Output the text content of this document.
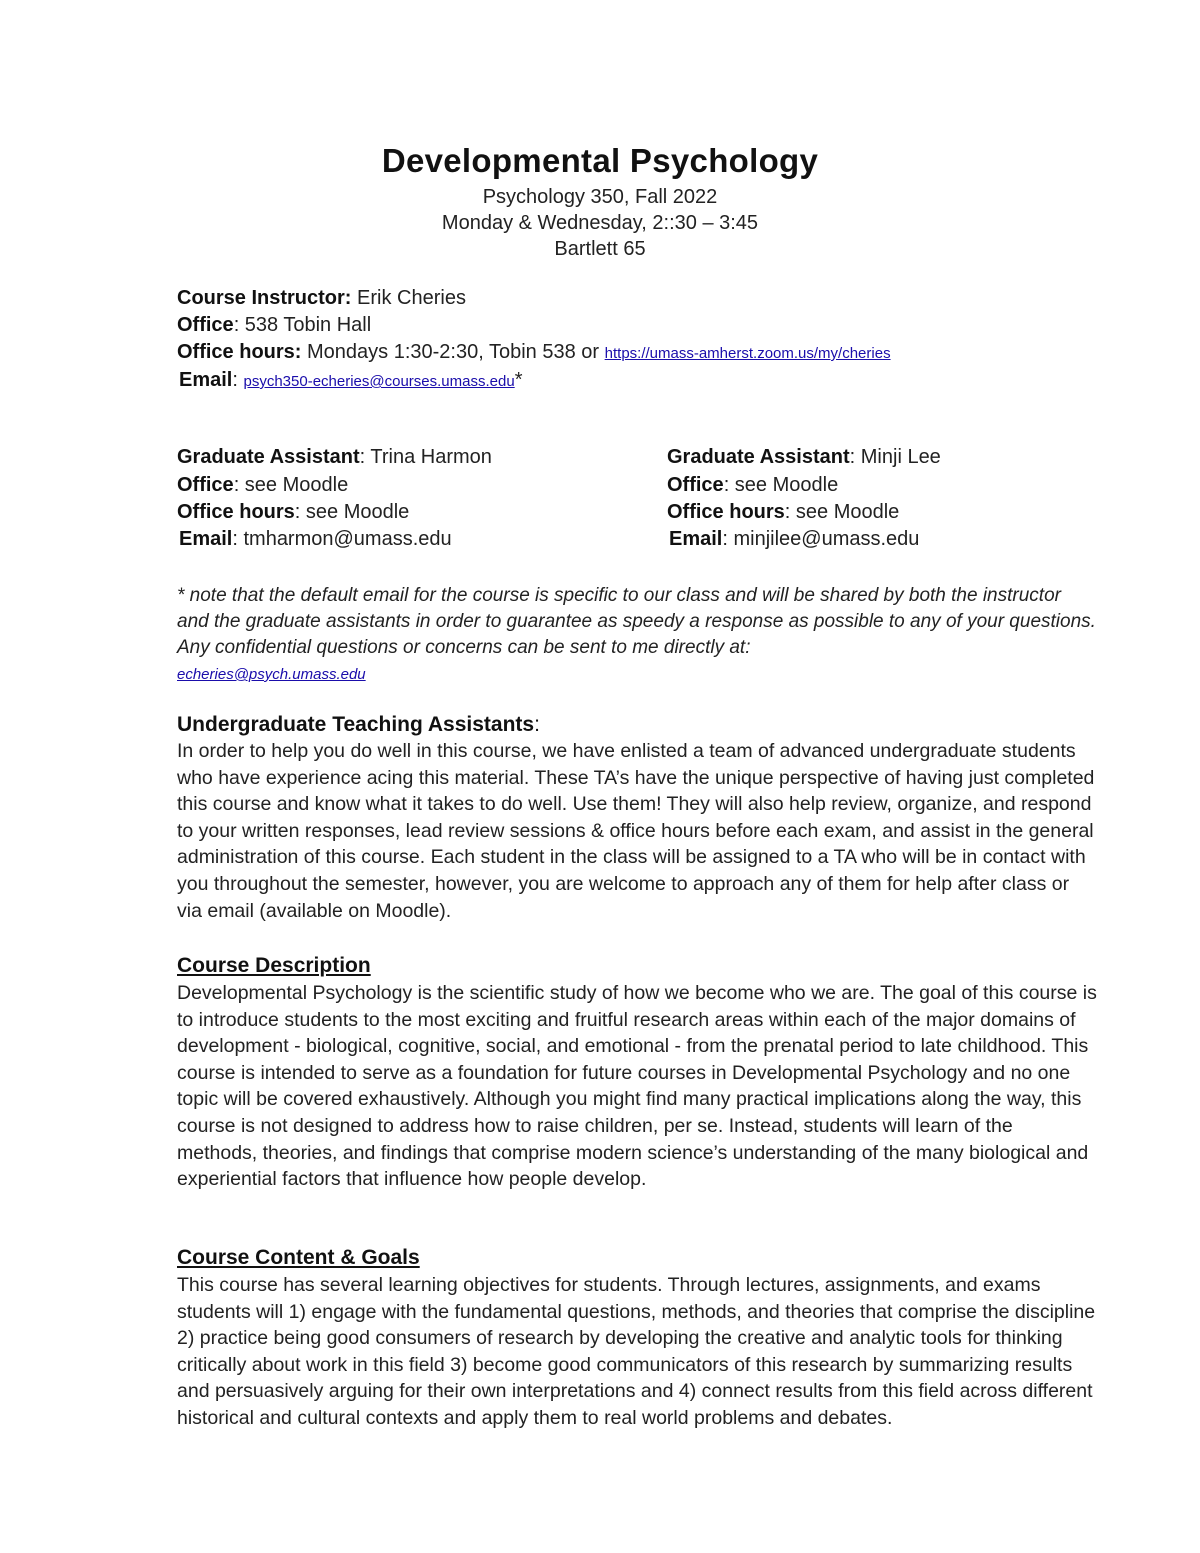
Developmental Psychology
Psychology 350, Fall 2022
Monday & Wednesday, 2::30 – 3:45
Bartlett 65
Course Instructor: Erik Cheries
Office: 538 Tobin Hall
Office hours: Mondays 1:30-2:30, Tobin 538 or https://umass-amherst.zoom.us/my/cheries
Email: psych350-echeries@courses.umass.edu*
Graduate Assistant: Trina Harmon
Office: see Moodle
Office hours: see Moodle
Email: tmharmon@umass.edu
Graduate Assistant: Minji Lee
Office: see Moodle
Office hours: see Moodle
Email: minjilee@umass.edu
* note that the default email for the course is specific to our class and will be shared by both the instructor and the graduate assistants in order to guarantee as speedy a response as possible to any of your questions. Any confidential questions or concerns can be sent to me directly at:
echeries@psych.umass.edu
Undergraduate Teaching Assistants:
In order to help you do well in this course, we have enlisted a team of advanced undergraduate students who have experience acing this material. These TA’s have the unique perspective of having just completed this course and know what it takes to do well. Use them! They will also help review, organize, and respond to your written responses, lead review sessions & office hours before each exam, and assist in the general administration of this course. Each student in the class will be assigned to a TA who will be in contact with you throughout the semester, however, you are welcome to approach any of them for help after class or via email (available on Moodle).
Course Description
Developmental Psychology is the scientific study of how we become who we are. The goal of this course is to introduce students to the most exciting and fruitful research areas within each of the major domains of development - biological, cognitive, social, and emotional - from the prenatal period to late childhood. This course is intended to serve as a foundation for future courses in Developmental Psychology and no one topic will be covered exhaustively. Although you might find many practical implications along the way, this course is not designed to address how to raise children, per se. Instead, students will learn of the methods, theories, and findings that comprise modern science’s understanding of the many biological and experiential factors that influence how people develop.
Course Content & Goals
This course has several learning objectives for students. Through lectures, assignments, and exams students will 1) engage with the fundamental questions, methods, and theories that comprise the discipline 2) practice being good consumers of research by developing the creative and analytic tools for thinking critically about work in this field 3) become good communicators of this research by summarizing results and persuasively arguing for their own interpretations and 4) connect results from this field across different historical and cultural contexts and apply them to real world problems and debates.
